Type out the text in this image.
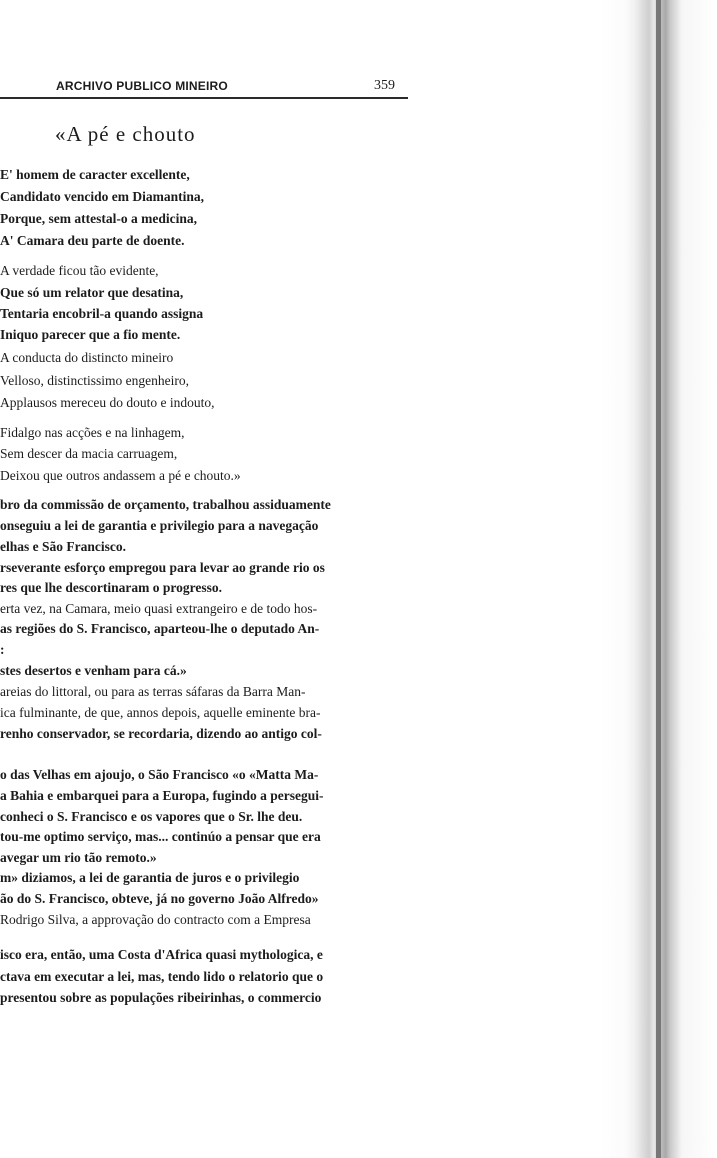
ARCHIVO PUBLICO MINEIRO	359
«A pé e chouto
E' homem de caracter excellente,
Candidato vencido em Diamantina,
Porque, sem attestal-o a medicina,
A' Camara deu parte de doente.
A verdade ficou tão evidente,
Que só um relator que desatina,
Tentaria encobril-a quando assigna
Iniquo parecer que a fio mente.
A conducta do distincto mineiro
Velloso, distinctissimo engenheiro,
Applausos mereceu do douto e indouto,
Fidalgo nas acções e na linhagem,
Sem descer da macia carruagem,
Deixou que outros andassem a pé e chouto.»
bro da commissão de orçamento, trabalhou assiduamente
onseguiu a lei de garantia e privilegio para a navegação
elhas e São Francisco.
rseverante esforço empregou para levar ao grande rio os
res que lhe descortinaram o progresso.
erta vez, na Camara, meio quasi extrangeiro e de todo hos-
as regiões do S. Francisco, aparteou-lhe o deputado An-
:
stes desertos e venham para cá.»
areias do littoral, ou para as terras sáfaras da Barra Man-
ica fulminante, de que, annos depois, aquelle eminente bra-
renho conservador, se recordaria, dizendo ao antigo col-
o das Velhas em ajoujo, o São Francisco «o «Matta Ma-
a Bahia e embarquei para a Europa, fugindo a persegui-
conheci o S. Francisco e os vapores que o Sr. lhe deu.
tou-me optimo serviço, mas... continúo a pensar que era
avegar um rio tão remoto.»
m» diziamos, a lei de garantia de juros e o privilegio
ão do S. Francisco, obteve, já no governo João Alfredo»
Rodrigo Silva, a approvação do contracto com a Empresa
isco era, então, uma Costa d'Africa quasi mythologica, e
ctava em executar a lei, mas, tendo lido o relatorio que o
presentou sobre as populações ribeirinhas, o commercio
